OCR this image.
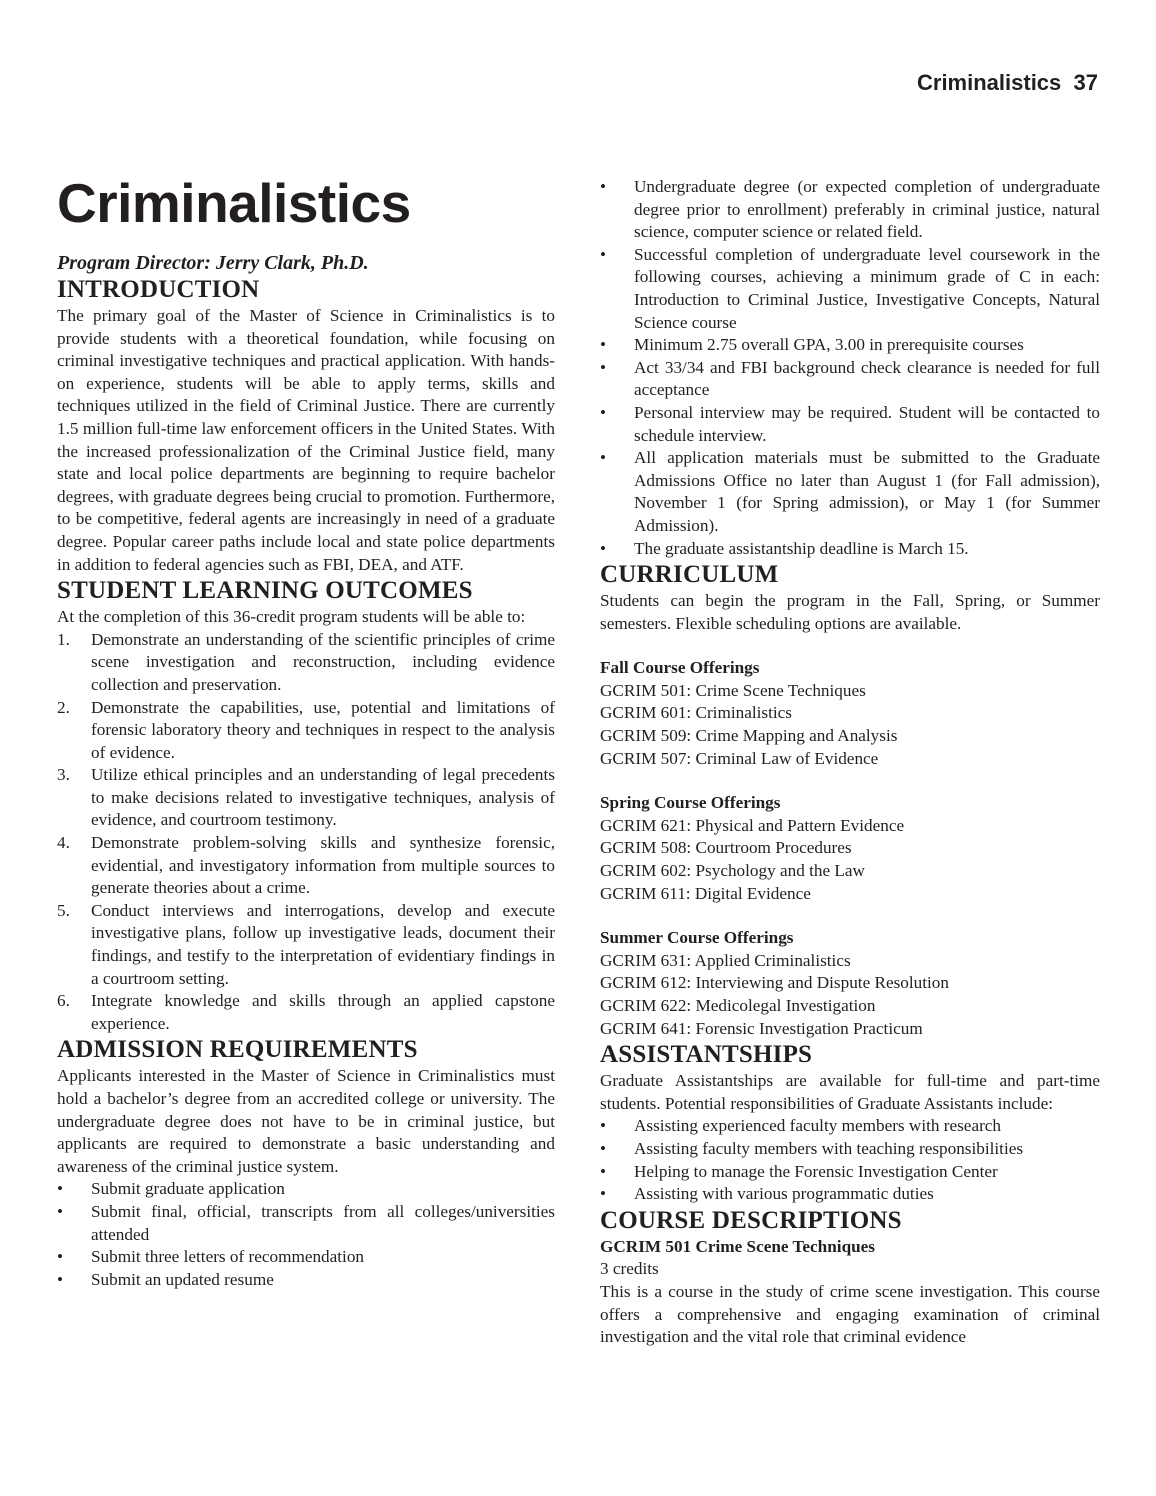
Criminalistics 37
Criminalistics
Program Director: Jerry Clark, Ph.D.
INTRODUCTION

The primary goal of the Master of Science in Criminalistics is to provide students with a theoretical foundation, while focusing on criminal investigative techniques and practical application. With hands-on experience, students will be able to apply terms, skills and techniques utilized in the field of Criminal Justice. There are currently 1.5 million full-time law enforcement officers in the United States. With the increased professionalization of the Criminal Justice field, many state and local police departments are beginning to require bachelor degrees, with graduate degrees being crucial to promotion. Furthermore, to be competitive, federal agents are increasingly in need of a graduate degree. Popular career paths include local and state police departments in addition to federal agencies such as FBI, DEA, and ATF.

STUDENT LEARNING OUTCOMES

At the completion of this 36-credit program students will be able to:

1. Demonstrate an understanding of the scientific principles of crime scene investigation and reconstruction, including evidence collection and preservation.
2. Demonstrate the capabilities, use, potential and limitations of forensic laboratory theory and techniques in respect to the analysis of evidence.
3. Utilize ethical principles and an understanding of legal precedents to make decisions related to investigative techniques, analysis of evidence, and courtroom testimony.
4. Demonstrate problem-solving skills and synthesize forensic, evidential, and investigatory information from multiple sources to generate theories about a crime.
5. Conduct interviews and interrogations, develop and execute investigative plans, follow up investigative leads, document their findings, and testify to the interpretation of evidentiary findings in a courtroom setting.
6. Integrate knowledge and skills through an applied capstone experience.
ADMISSION REQUIREMENTS

Applicants interested in the Master of Science in Criminalistics must hold a bachelor’s degree from an accredited college or university. The undergraduate degree does not have to be in criminal justice, but applicants are required to demonstrate a basic understanding and awareness of the criminal justice system.

• Submit graduate application
• Submit final, official, transcripts from all colleges/universities attended
• Submit three letters of recommendation
• Submit an updated resume
• Undergraduate degree (or expected completion of undergraduate degree prior to enrollment) preferably in criminal justice, natural science, computer science or related field.
• Successful completion of undergraduate level coursework in the following courses, achieving a minimum grade of C in each: Introduction to Criminal Justice, Investigative Concepts, Natural Science course
• Minimum 2.75 overall GPA, 3.00 in prerequisite courses
• Act 33/34 and FBI background check clearance is needed for full acceptance
• Personal interview may be required. Student will be contacted to schedule interview.
• All application materials must be submitted to the Graduate Admissions Office no later than August 1 (for Fall admission), November 1 (for Spring admission), or May 1 (for Summer Admission).
• The graduate assistantship deadline is March 15.
CURRICULUM

Students can begin the program in the Fall, Spring, or Summer semesters. Flexible scheduling options are available.

Fall Course Offerings
GCRIM 501: Crime Scene Techniques
GCRIM 601: Criminalistics
GCRIM 509: Crime Mapping and Analysis
GCRIM 507: Criminal Law of Evidence
Spring Course Offerings
GCRIM 621: Physical and Pattern Evidence
GCRIM 508: Courtroom Procedures
GCRIM 602: Psychology and the Law
GCRIM 611: Digital Evidence
Summer Course Offerings
GCRIM 631: Applied Criminalistics
GCRIM 612: Interviewing and Dispute Resolution
GCRIM 622: Medicolegal Investigation
GCRIM 641: Forensic Investigation Practicum
ASSISTANTSHIPS

Graduate Assistantships are available for full-time and part-time students. Potential responsibilities of Graduate Assistants include:

• Assisting experienced faculty members with research
• Assisting faculty members with teaching responsibilities
• Helping to manage the Forensic Investigation Center
• Assisting with various programmatic duties
COURSE DESCRIPTIONS
GCRIM 501 Crime Scene Techniques
3 credits

This is a course in the study of crime scene investigation. This course offers a comprehensive and engaging examination of criminal investigation and the vital role that criminal evidence
